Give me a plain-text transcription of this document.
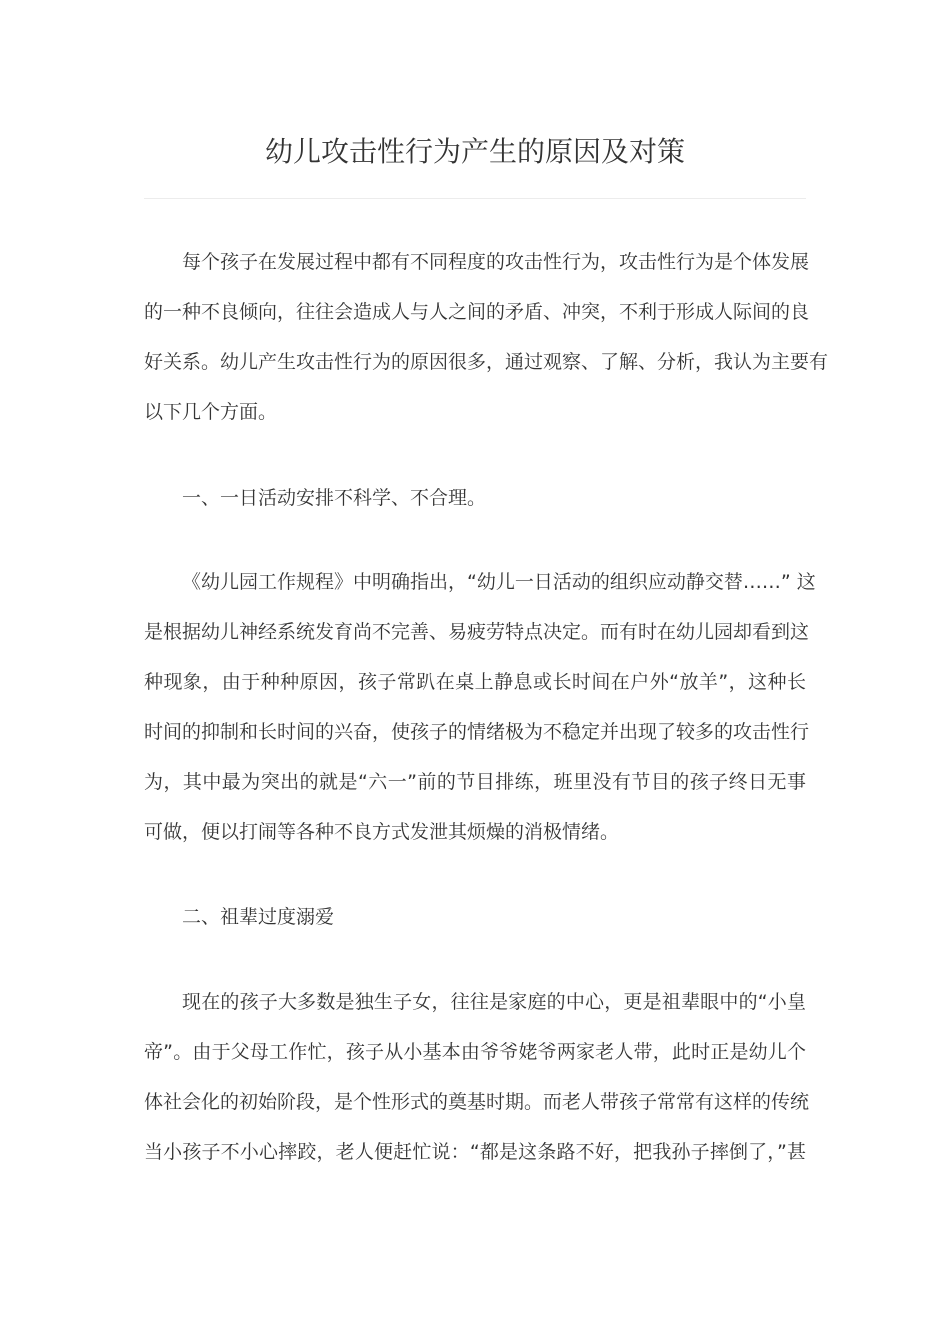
幼儿攻击性行为产生的原因及对策

每个孩子在发展过程中都有不同程度的攻击性行为，攻击性行为是个体发展
的一种不良倾向，往往会造成人与人之间的矛盾、冲突，不利于形成人际间的良
好关系。幼儿产生攻击性行为的原因很多，通过观察、了解、分析，我认为主要有
以下几个方面。

一、一日活动安排不科学、不合理。

《幼儿园工作规程》中明确指出，“幼儿一日活动的组织应动静交替……” 这
是根据幼儿神经系统发育尚不完善、易疲劳特点决定。而有时在幼儿园却看到这
种现象，由于种种原因，孩子常趴在桌上静息或长时间在户外“放羊”，这种长
时间的抑制和长时间的兴奋，使孩子的情绪极为不稳定并出现了较多的攻击性行
为，其中最为突出的就是“六一”前的节目排练，班里没有节目的孩子终日无事
可做，便以打闹等各种不良方式发泄其烦燥的消极情绪。

二、祖辈过度溺爱

现在的孩子大多数是独生子女，往往是家庭的中心，更是祖辈眼中的“小皇
帝”。由于父母工作忙，孩子从小基本由爷爷姥爷两家老人带，此时正是幼儿个
体社会化的初始阶段，是个性形式的奠基时期。而老人带孩子常常有这样的传统
当小孩子不小心摔跤，老人便赶忙说：“都是这条路不好，把我孙子摔倒了，”甚
